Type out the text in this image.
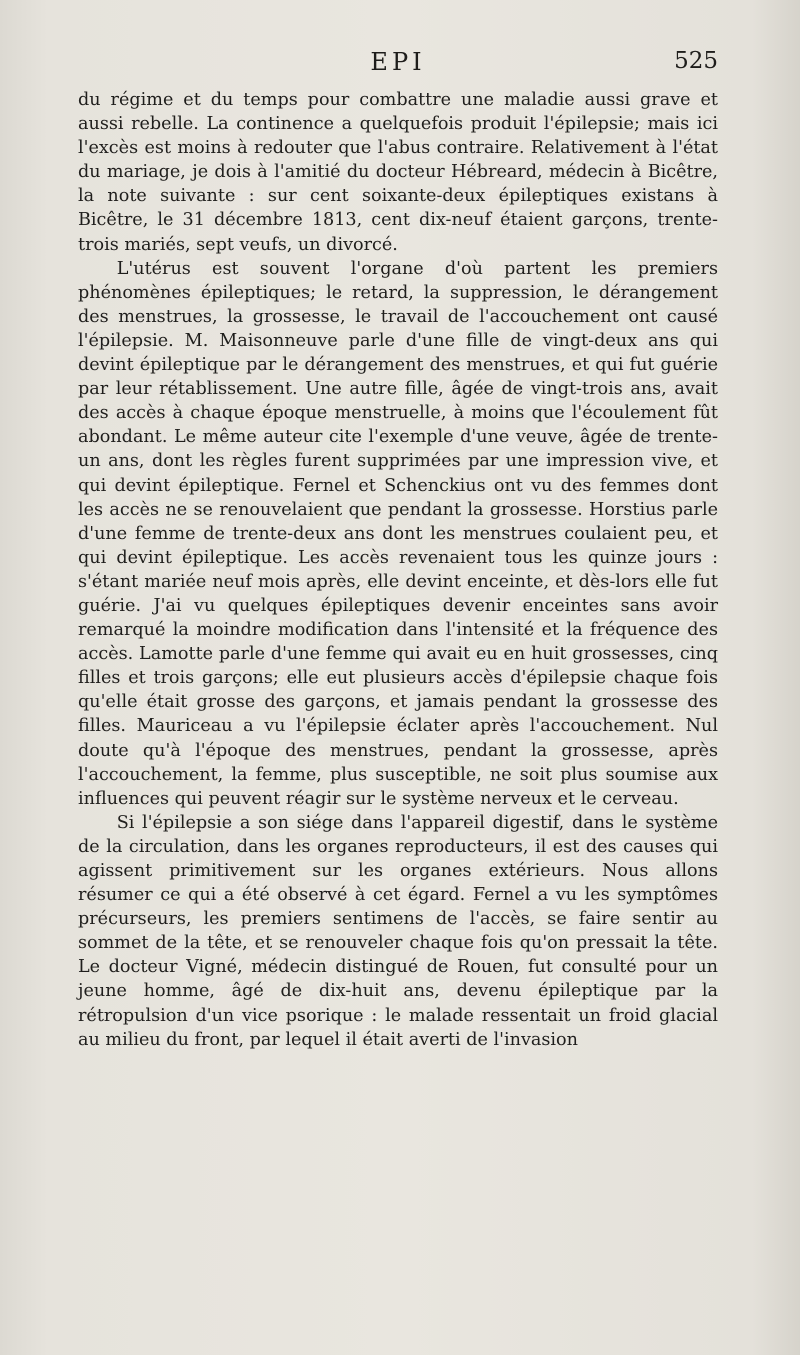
EPI	525

du régime et du temps pour combattre une maladie aussi grave et aussi rebelle. La continence a quelquefois produit l'épilepsie; mais ici l'excès est moins à redouter que l'abus contraire. Relativement à l'état du mariage, je dois à l'amitié du docteur Hébreard, médecin à Bicêtre, la note suivante : sur cent soixante-deux épileptiques existans à Bicêtre, le 31 décembre 1813, cent dix-neuf étaient garçons, trente-trois mariés, sept veufs, un divorcé.

L'utérus est souvent l'organe d'où partent les premiers phénomènes épileptiques; le retard, la suppression, le dérangement des menstrues, la grossesse, le travail de l'accouchement ont causé l'épilepsie. M. Maisonneuve parle d'une fille de vingt-deux ans qui devint épileptique par le dérangement des menstrues, et qui fut guérie par leur rétablissement. Une autre fille, âgée de vingt-trois ans, avait des accès à chaque époque menstruelle, à moins que l'écoulement fût abondant. Le même auteur cite l'exemple d'une veuve, âgée de trente-un ans, dont les règles furent supprimées par une impression vive, et qui devint épileptique. Fernel et Schenckius ont vu des femmes dont les accès ne se renouvelaient que pendant la grossesse. Horstius parle d'une femme de trente-deux ans dont les menstrues coulaient peu, et qui devint épileptique. Les accès revenaient tous les quinze jours : s'étant mariée neuf mois après, elle devint enceinte, et dès-lors elle fut guérie. J'ai vu quelques épileptiques devenir enceintes sans avoir remarqué la moindre modification dans l'intensité et la fréquence des accès. Lamotte parle d'une femme qui avait eu en huit grossesses, cinq filles et trois garçons; elle eut plusieurs accès d'épilepsie chaque fois qu'elle était grosse des garçons, et jamais pendant la grossesse des filles. Mauriceau a vu l'épilepsie éclater après l'accouchement. Nul doute qu'à l'époque des menstrues, pendant la grossesse, après l'accouchement, la femme, plus susceptible, ne soit plus soumise aux influences qui peuvent réagir sur le système nerveux et le cerveau.

Si l'épilepsie a son siége dans l'appareil digestif, dans le système de la circulation, dans les organes reproducteurs, il est des causes qui agissent primitivement sur les organes extérieurs. Nous allons résumer ce qui a été observé à cet égard. Fernel a vu les symptômes précurseurs, les premiers sentimens de l'accès, se faire sentir au sommet de la tête, et se renouveler chaque fois qu'on pressait la tête. Le docteur Vigné, médecin distingué de Rouen, fut consulté pour un jeune homme, âgé de dix-huit ans, devenu épileptique par la rétropulsion d'un vice psorique : le malade ressentait un froid glacial au milieu du front, par lequel il était averti de l'invasion
